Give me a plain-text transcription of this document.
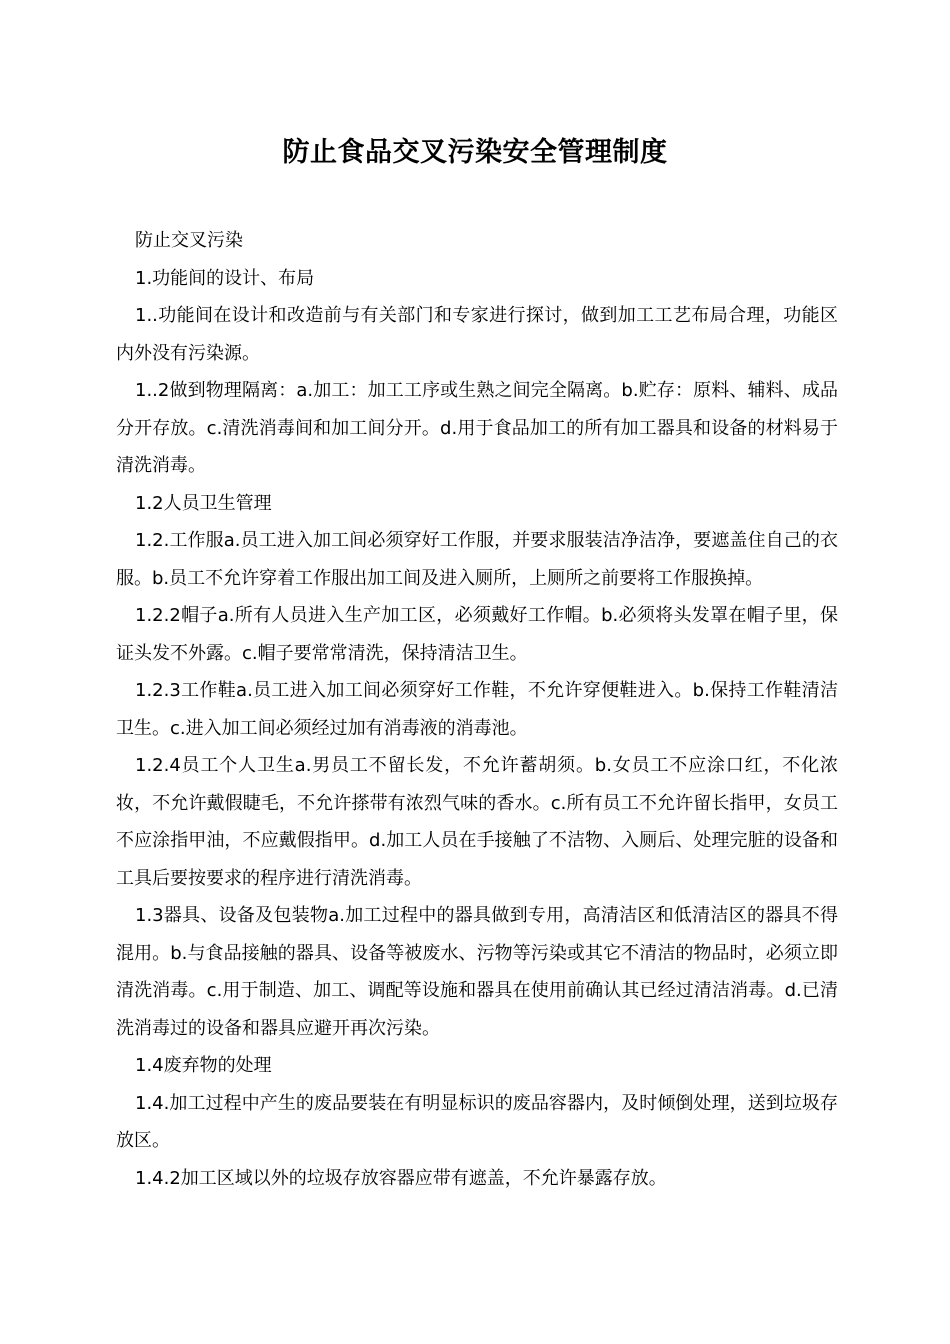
防止食品交叉污染安全管理制度

防止交叉污染

1.功能间的设计、布局

1..功能间在设计和改造前与有关部门和专家进行探讨，做到加工工艺布局合理，功能区内外没有污染源。

1..2做到物理隔离：a.加工：加工工序或生熟之间完全隔离。b.贮存：原料、辅料、成品分开存放。c.清洗消毒间和加工间分开。d.用于食品加工的所有加工器具和设备的材料易于清洗消毒。

1.2人员卫生管理

1.2.工作服a.员工进入加工间必须穿好工作服，并要求服装洁净洁净，要遮盖住自己的衣服。b.员工不允许穿着工作服出加工间及进入厕所，上厕所之前要将工作服换掉。

1.2.2帽子a.所有人员进入生产加工区，必须戴好工作帽。b.必须将头发罩在帽子里，保证头发不外露。c.帽子要常常清洗，保持清洁卫生。

1.2.3工作鞋a.员工进入加工间必须穿好工作鞋，不允许穿便鞋进入。b.保持工作鞋清洁卫生。c.进入加工间必须经过加有消毒液的消毒池。

1.2.4员工个人卫生a.男员工不留长发，不允许蓄胡须。b.女员工不应涂口红，不化浓妆，不允许戴假睫毛，不允许搽带有浓烈气味的香水。c.所有员工不允许留长指甲，女员工不应涂指甲油，不应戴假指甲。d.加工人员在手接触了不洁物、入厕后、处理完脏的设备和工具后要按要求的程序进行清洗消毒。

1.3器具、设备及包装物a.加工过程中的器具做到专用，高清洁区和低清洁区的器具不得混用。b.与食品接触的器具、设备等被废水、污物等污染或其它不清洁的物品时，必须立即清洗消毒。c.用于制造、加工、调配等设施和器具在使用前确认其已经过清洁消毒。d.已清洗消毒过的设备和器具应避开再次污染。

1.4废弃物的处理

1.4.加工过程中产生的废品要装在有明显标识的废品容器内，及时倾倒处理，送到垃圾存放区。

1.4.2加工区域以外的垃圾存放容器应带有遮盖，不允许暴露存放。
